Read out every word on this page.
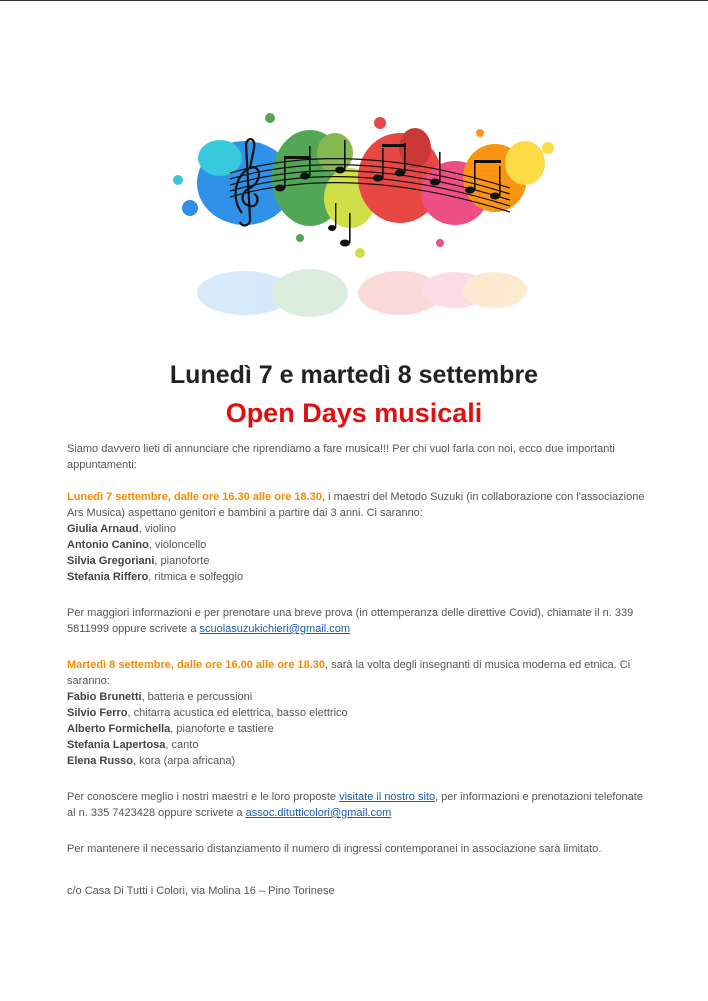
Lunedì 7 e martedì 8 settembre
Open Days musicali

Siamo davvero lieti di annunciare che riprendiamo a fare musica!!! Per chi vuol farla con noi, ecco due importanti appuntamenti:

Lunedì 7 settembre, dalle ore 16.30 alle ore 18.30, i maestri del Metodo Suzuki (in collaborazione con l'associazione Ars Musica) aspettano genitori e bambini a partire dai 3 anni. Ci saranno:
Giulia Arnaud, violino
Antonio Canino, violoncello
Silvia Gregoriani, pianoforte
Stefania Riffero, ritmica e solfeggio

Per maggiori informazioni e per prenotare una breve prova (in ottemperanza delle direttive Covid), chiamate il n. 339 5811999 oppure scrivete a scuolasuzukichieri@gmail.com

Martedì 8 settembre, dalle ore 16.00 alle ore 18.30, sarà la volta degli insegnanti di musica moderna ed etnica. Ci saranno:
Fabio Brunetti, batteria e percussioni
Silvio Ferro, chitarra acustica ed elettrica, basso elettrico
Alberto Formichella, pianoforte e tastiere
Stefania Lapertosa, canto
Elena Russo, kora (arpa africana)

Per conoscere meglio i nostri maestri e le loro proposte visitate il nostro sito, per informazioni e prenotazioni telefonate al n. 335 7423428 oppure scrivete a assoc.ditutticolori@gmail.com

Per mantenere il necessario distanziamento il numero di ingressi contemporanei in associazione sarà limitato.

c/o Casa Di Tutti i Colori, via Molina 16 – Pino Torinese
